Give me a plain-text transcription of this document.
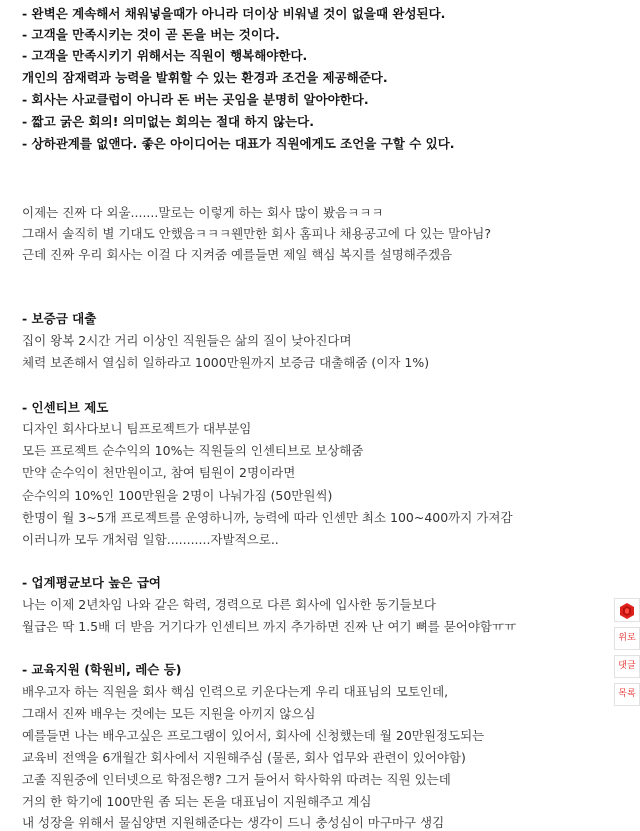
- 완벽은 계속해서 채워넣을때가 아니라 더이상 비워낼 것이 없을때 완성된다.
- 고객을 만족시키는 것이 곧 돈을 버는 것이다.
- 고객을 만족시키기 위해서는 직원이 행복해야한다.
개인의 잠재력과 능력을 발휘할 수 있는 환경과 조건을 제공해준다.
- 회사는 사교클럽이 아니라 돈 버는 곳임을 분명히 알아야한다.
- 짧고 굵은 회의! 의미없는 회의는 절대 하지 않는다.
- 상하관계를 없앤다. 좋은 아이디어는 대표가 직원에게도 조언을 구할 수 있다.
이제는 진짜 다 외울.......말로는 이렇게 하는 회사 많이 봤음ㅋㅋㅋ
그래서 솔직히 별 기대도 안했음ㅋㅋㅋ웬만한 회사 홈피나 채용공고에 다 있는 말아님?
근데 진짜 우리 회사는 이걸 다 지켜줌 예를들면 제일 핵심 복지를 설명해주겠음
- 보증금 대출
집이 왕복 2시간 거리 이상인 직원들은 삶의 질이 낮아진다며
체력 보존해서 열심히 일하라고 1000만원까지 보증금 대출해줌 (이자 1%)
- 인센티브 제도
디자인 회사다보니 팀프로젝트가 대부분임
모든 프로젝트 순수익의 10%는 직원들의 인센티브로 보상해줌
만약 순수익이 천만원이고, 참여 팀원이 2명이라면
순수익의 10%인 100만원을 2명이 나눠가짐 (50만원씩)
한명이 월 3~5개 프로젝트를 운영하니까, 능력에 따라 인센만 최소 100~400까지 가져감
이러니까 모두 개처럼 일함...........자발적으로..
- 업계평균보다 높은 급여
나는 이제 2년차임 나와 같은 학력, 경력으로 다른 회사에 입사한 동기들보다
월급은 딱 1.5배 더 받음 거기다가 인센티브 까지 추가하면 진짜 난 여기 뼈를 묻어야함ㅠㅠ
- 교육지원 (학원비, 레슨 등)
배우고자 하는 직원을 회사 핵심 인력으로 키운다는게 우리 대표님의 모토인데,
그래서 진짜 배우는 것에는 모든 지원을 아끼지 않으심
예를들면 나는 배우고싶은 프로그램이 있어서, 회사에 신청했는데 월 20만원정도되는
교육비 전액을 6개월간 회사에서 지원해주심 (물론, 회사 업무와 관련이 있어야함)
고졸 직원중에 인터넷으로 학점은행? 그거 들어서 학사학위 따려는 직원 있는데
거의 한 학기에 100만원 좀 되는 돈을 대표님이 지원해주고 계심
내 성장을 위해서 물심양면 지원해준다는 생각이 드니 충성심이 마구마구 생김
위로
댓글
목록
